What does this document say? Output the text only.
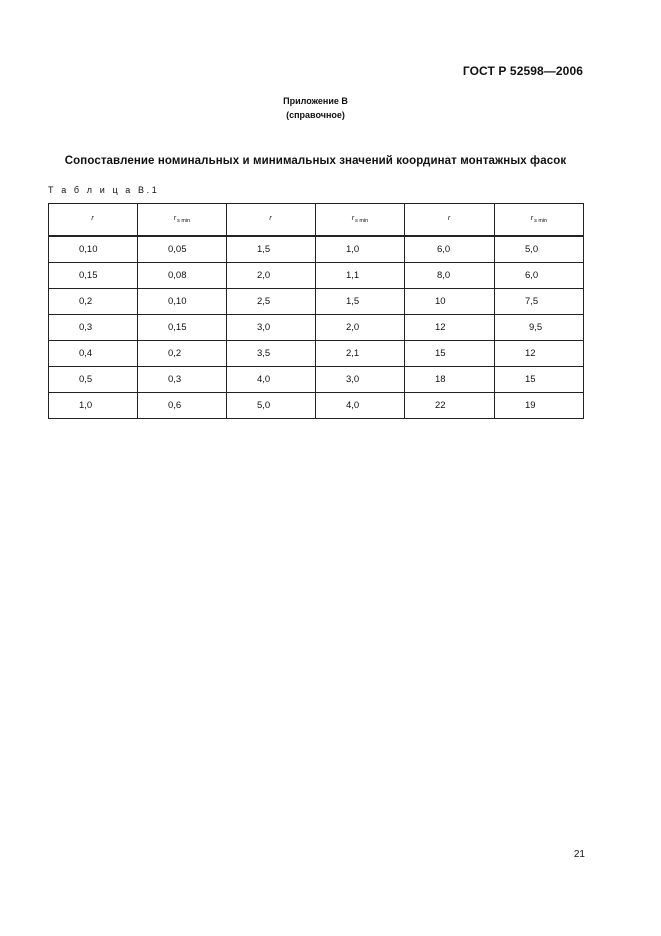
ГОСТ Р 52598—2006
Приложение В
(справочное)
Сопоставление номинальных и минимальных значений координат монтажных фасок
Т а б л и ц а В.1
r	$r_{s min}$	r	$r_{s min}$	r	$r_{s min}$
0,10	0,05	1,5	1,0	6,0	5,0
0,15	0,08	2,0	1,1	8,0	6,0
0,2	0,10	2,5	1,5	10	7,5
0,3	0,15	3,0	2,0	12	9,5
0,4	0,2	3,5	2,1	15	12
0,5	0,3	4,0	3,0	18	15
1,0	0,6	5,0	4,0	22	19
21
